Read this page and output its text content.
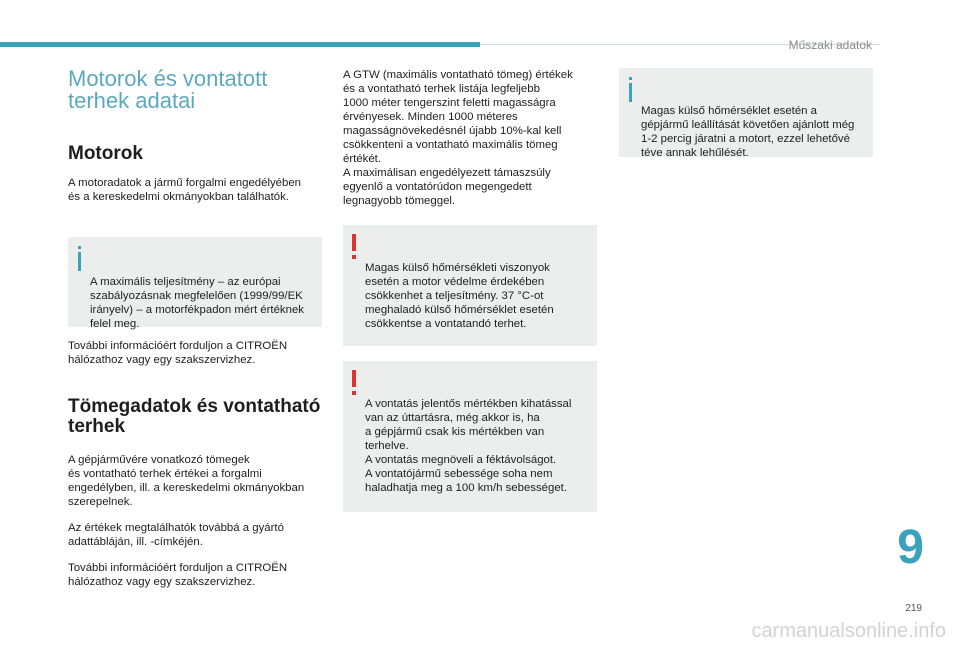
Műszaki adatok
Motorok és vontatott
terhek adatai
Motorok
A motoradatok a jármű forgalmi engedélyében
és a kereskedelmi okmányokban találhatók.

A maximális teljesítmény – az európai
szabályozásnak megfelelően (1999/99/EK
irányelv) – a motorfékpadon mért értéknek
felel meg.

További információért forduljon a CITROËN
hálózathoz vagy egy szakszervizhez.
Tömegadatok és vontatható
terhek
A gépjárművére vonatkozó tömegek
és vontatható terhek értékei a forgalmi
engedélyben, ill. a kereskedelmi okmányokban
szerepelnek.
Az értékek megtalálhatók továbbá a gyártó
adattábláján, ill. -címkéjén.
További információért forduljon a CITROËN
hálózathoz vagy egy szakszervizhez.
A GTW (maximális vontatható tömeg) értékek
és a vontatható terhek listája legfeljebb
1000 méter tengerszint feletti magasságra
érvényesek. Minden 1000 méteres
magasságnövekedésnél újabb 10%-kal kell
csökkenteni a vontatható maximális tömeg
értékét.
A maximálisan engedélyezett támaszsúly
egyenlő a vontatórúdon megengedett
legnagyobb tömeggel.

Magas külső hőmérsékleti viszonyok
esetén a motor védelme érdekében
csökkenhet a teljesítmény. 37 °C-ot
meghaladó külső hőmérséklet esetén
csökkentse a vontatandó terhet.

A vontatás jelentős mértékben kihatással
van az úttartásra, még akkor is, ha
a gépjármű csak kis mértékben van
terhelve.
A vontatás megnöveli a féktávolságot.
A vontatójármű sebessége soha nem
haladhatja meg a 100 km/h sebességet.

Magas külső hőmérséklet esetén a
gépjármű leállítását követően ajánlott még
1-2 percig járatni a motort, ezzel lehetővé
téve annak lehűlését.

9
219
carmanualsonline.info
